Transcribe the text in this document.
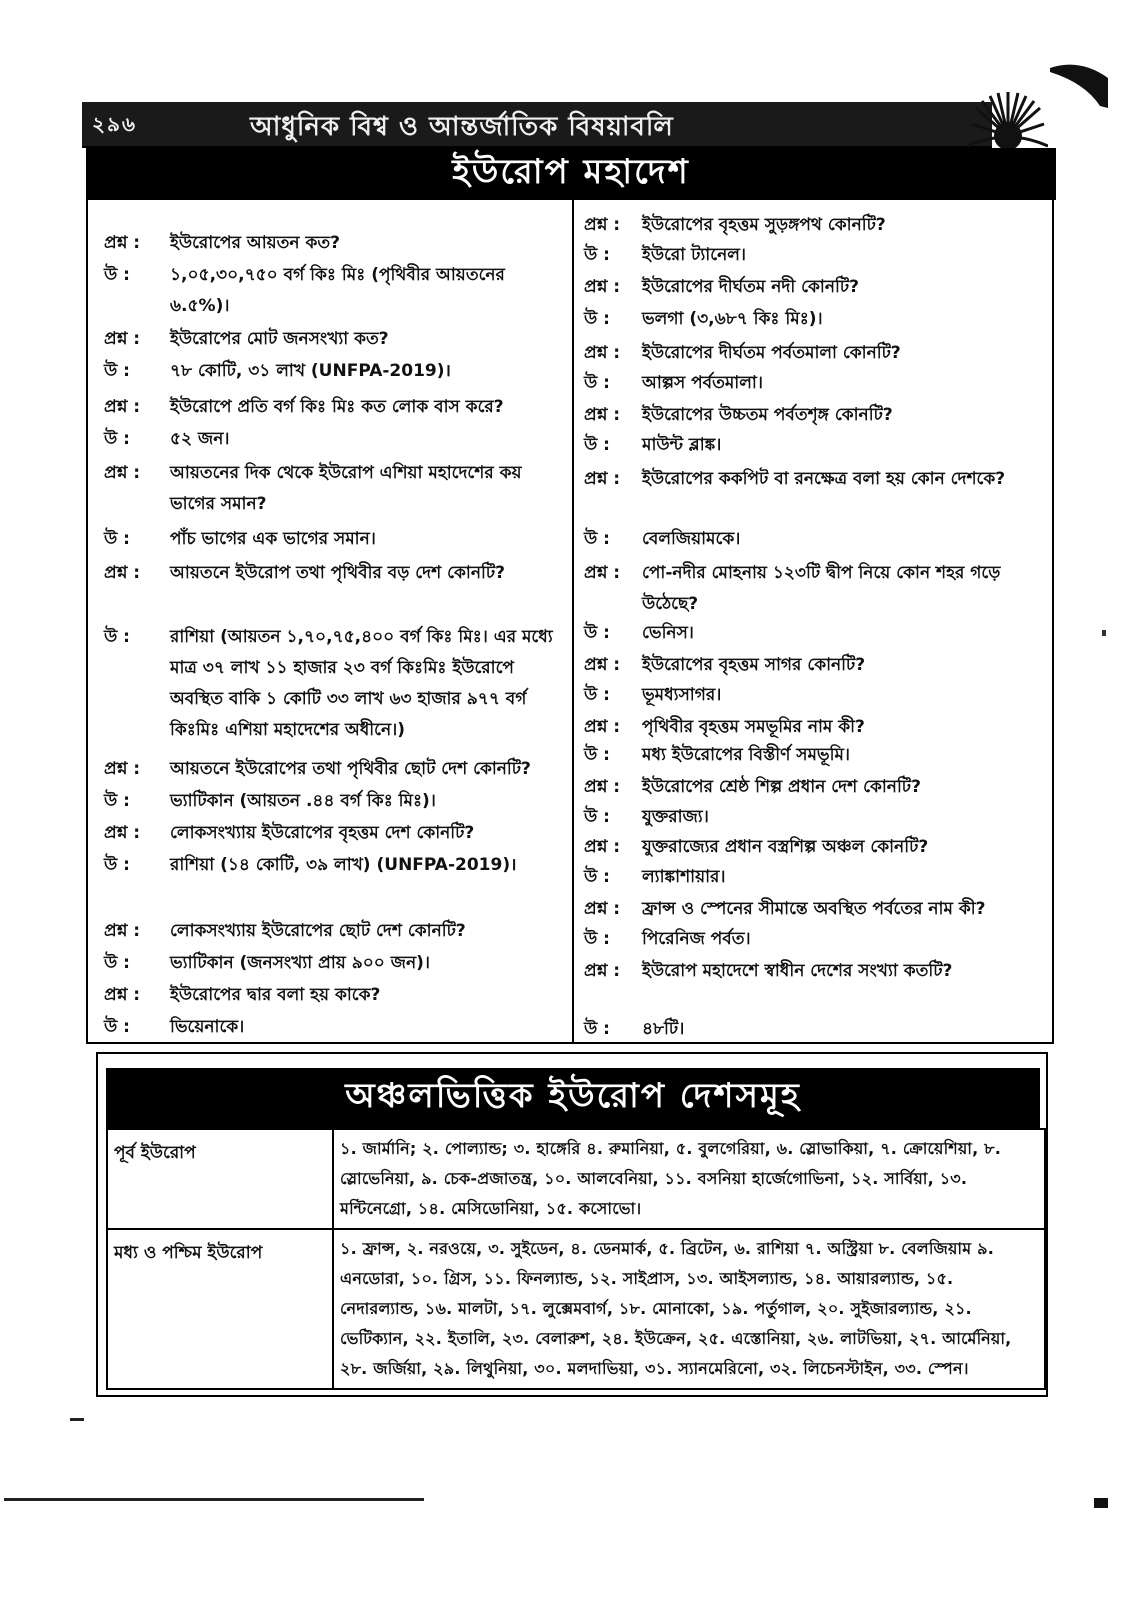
২৯৬	আধুনিক বিশ্ব ও আন্তর্জাতিক বিষয়াবলি
ইউরোপ মহাদেশ
প্রশ্ন : ইউরোপের আয়তন কত?
উ : ১,০৫,৩০,৭৫০ বর্গ কিঃ মিঃ (পৃথিবীর আয়তনের ৬.৫%)।
প্রশ্ন : ইউরোপের মোট জনসংখ্যা কত?
উ : ৭৮ কোটি, ৩১ লাখ (UNFPA-2019)।
প্রশ্ন : ইউরোপে প্রতি বর্গ কিঃ মিঃ কত লোক বাস করে?
উ : ৫২ জন।
প্রশ্ন : আয়তনের দিক থেকে ইউরোপ এশিয়া মহাদেশের কয় ভাগের সমান?
উ : পাঁচ ভাগের এক ভাগের সমান।
প্রশ্ন : আয়তনে ইউরোপ তথা পৃথিবীর বড় দেশ কোনটি?
উ : রাশিয়া (আয়তন ১,৭০,৭৫,৪০০ বর্গ কিঃ মিঃ। এর মধ্যে মাত্র ৩৭ লাখ ১১ হাজার ২৩ বর্গ কিঃমিঃ ইউরোপে অবস্থিত বাকি ১ কোটি ৩৩ লাখ ৬৩ হাজার ৯৭৭ বর্গ কিঃমিঃ এশিয়া মহাদেশের অধীনে।)
প্রশ্ন : আয়তনে ইউরোপের তথা পৃথিবীর ছোট দেশ কোনটি?
উ : ভ্যাটিকান (আয়তন .৪৪ বর্গ কিঃ মিঃ)।
প্রশ্ন : লোকসংখ্যায় ইউরোপের বৃহত্তম দেশ কোনটি?
উ : রাশিয়া (১৪ কোটি, ৩৯ লাখ) (UNFPA-2019)।
প্রশ্ন : লোকসংখ্যায় ইউরোপের ছোট দেশ কোনটি?
উ : ভ্যাটিকান (জনসংখ্যা প্রায় ৯০০ জন)।
প্রশ্ন : ইউরোপের দ্বার বলা হয় কাকে?
উ : ভিয়েনাকে।
প্রশ্ন : ইউরোপের বৃহত্তম সুড়ঙ্গপথ কোনটি?
উ : ইউরো ট্যানেল।
প্রশ্ন : ইউরোপের দীর্ঘতম নদী কোনটি?
উ : ভলগা (৩,৬৮৭ কিঃ মিঃ)।
প্রশ্ন : ইউরোপের দীর্ঘতম পর্বতমালা কোনটি?
উ : আল্পস পর্বতমালা।
প্রশ্ন : ইউরোপের উচ্চতম পর্বতশৃঙ্গ কোনটি?
উ : মাউন্ট ব্লাঙ্ক।
প্রশ্ন : ইউরোপের ককপিট বা রনক্ষেত্র বলা হয় কোন দেশকে?
উ : বেলজিয়ামকে।
প্রশ্ন : পো-নদীর মোহনায় ১২৩টি দ্বীপ নিয়ে কোন শহর গড়ে উঠেছে?
উ : ভেনিস।
প্রশ্ন : ইউরোপের বৃহত্তম সাগর কোনটি?
উ : ভূমধ্যসাগর।
প্রশ্ন : পৃথিবীর বৃহত্তম সমভূমির নাম কী?
উ : মধ্য ইউরোপের বিস্তীর্ণ সমভূমি।
প্রশ্ন : ইউরোপের শ্রেষ্ঠ শিল্প প্রধান দেশ কোনটি?
উ : যুক্তরাজ্য।
প্রশ্ন : যুক্তরাজ্যের প্রধান বস্ত্রশিল্প অঞ্চল কোনটি?
উ : ল্যাঙ্কাশায়ার।
প্রশ্ন : ফ্রান্স ও স্পেনের সীমান্তে অবস্থিত পর্বতের নাম কী?
উ : পিরেনিজ পর্বত।
প্রশ্ন : ইউরোপ মহাদেশে স্বাধীন দেশের সংখ্যা কতটি?
উ : ৪৮টি।
অঞ্চলভিত্তিক ইউরোপ দেশসমূহ
পূর্ব ইউরোপ	১. জার্মানি; ২. পোল্যান্ড; ৩. হাঙ্গেরি ৪. রুমানিয়া, ৫. বুলগেরিয়া, ৬. স্লোভাকিয়া, ৭. ক্রোয়েশিয়া, ৮. স্লোভেনিয়া, ৯. চেক-প্রজাতন্ত্র, ১০. আলবেনিয়া, ১১. বসনিয়া হার্জেগোভিনা, ১২. সার্বিয়া, ১৩. মন্টিনেগ্রো, ১৪. মেসিডোনিয়া, ১৫. কসোভো।
মধ্য ও পশ্চিম ইউরোপ	১. ফ্রান্স, ২. নরওয়ে, ৩. সুইডেন, ৪. ডেনমার্ক, ৫. ব্রিটেন, ৬. রাশিয়া ৭. অস্ট্রিয়া ৮. বেলজিয়াম ৯. এনডোরা, ১০. গ্রিস, ১১. ফিনল্যান্ড, ১২. সাইপ্রাস, ১৩. আইসল্যান্ড, ১৪. আয়ারল্যান্ড, ১৫. নেদারল্যান্ড, ১৬. মালটা, ১৭. লুক্সেমবার্গ, ১৮. মোনাকো, ১৯. পর্তুগাল, ২০. সুইজারল্যান্ড, ২১. ভেটিক্যান, ২২. ইতালি, ২৩. বেলারুশ, ২৪. ইউক্রেন, ২৫. এস্তোনিয়া, ২৬. লাটভিয়া, ২৭. আর্মেনিয়া, ২৮. জর্জিয়া, ২৯. লিথুনিয়া, ৩০. মলদাভিয়া, ৩১. স্যানমেরিনো, ৩২. লিচেনস্টাইন, ৩৩. স্পেন।
